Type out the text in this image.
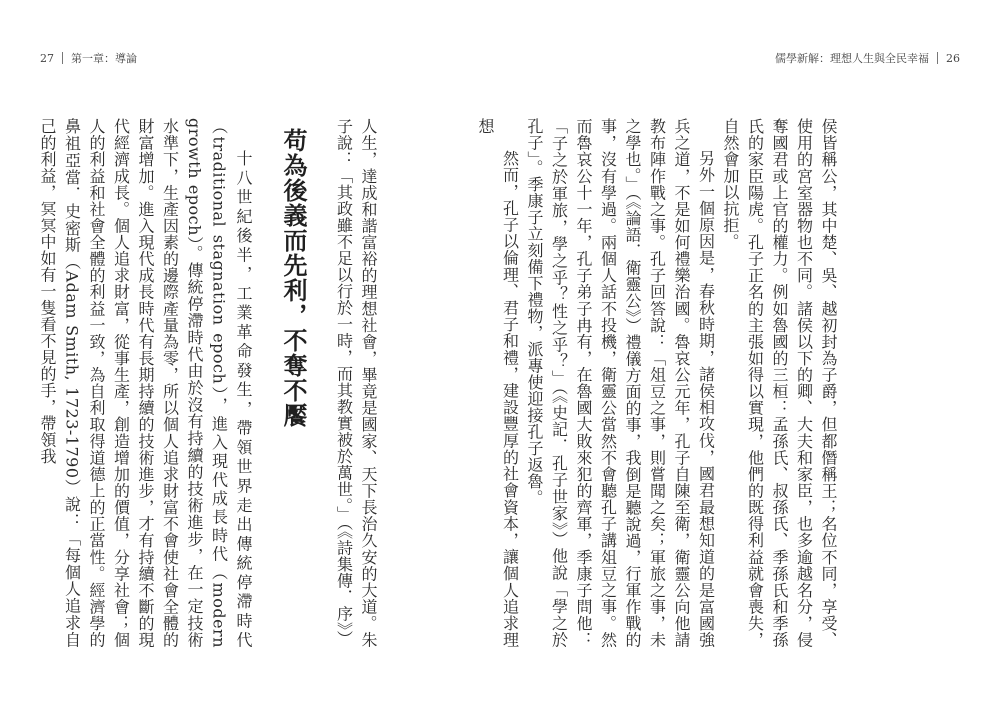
27 第一章：導論	儒學新解：理想人生與全民幸福 26

侯皆稱公，其中楚、吳、越初封為子爵，但都僭稱王；名位不同，享受、使用的宮室器物也不同。諸侯以下的卿、大夫和家臣，也多逾越名分，侵奪國君或上官的權力。例如魯國的三桓：孟孫氏、叔孫氏、季孫氏和季孫氏的家臣陽虎。孔子正名的主張如得以實現，他們的既得利益就會喪失，自然會加以抗拒。

另外一個原因是，春秋時期，諸侯相攻伐，國君最想知道的是富國強兵之道，不是如何禮樂治國。魯哀公元年，孔子自陳至衛，衛靈公向他請教布陣作戰之事。孔子回答說：「俎豆之事，則嘗聞之矣；軍旅之事，未之學也。」（《論語．衛靈公》）禮儀方面的事，我倒是聽說過，行軍作戰的事，沒有學過。兩個人話不投機，衛靈公當然不會聽孔子講俎豆之事。然而魯哀公十一年，孔子弟子冉有，在魯國大敗來犯的齊軍，季康子問他：「子之於軍旅，學之乎？性之乎？」（《史記．孔子世家》）他說「學之於孔子」。季康子立刻備下禮物，派專使迎接孔子返魯。

然而，孔子以倫理、君子和禮，建設豐厚的社會資本，讓個人追求理想

人生，達成和諧富裕的理想社會，畢竟是國家、天下長治久安的大道。朱子說：「其政雖不足以行於一時，而其教實被於萬世。」（《詩集傳．序》）

苟為後義而先利，不奪不饜

十八世紀後半，工業革命發生，帶領世界走出傳統停滯時代（traditional stagnation epoch），進入現代成長時代（modern growth epoch）。傳統停滯時代由於沒有持續的技術進步，在一定技術水準下，生產因素的邊際產量為零，所以個人追求財富不會使社會全體的財富增加。進入現代成長時代有長期持續的技術進步，才有持續不斷的現代經濟成長。個人追求財富，從事生產，創造增加的價值，分享社會；個人的利益和社會全體的利益一致，為自利取得道德上的正當性。經濟學的鼻祖亞當．史密斯（Adam Smith, 1723-1790）說：「每個人追求自己的利益，冥冥中如有一隻看不見的手，帶領我
